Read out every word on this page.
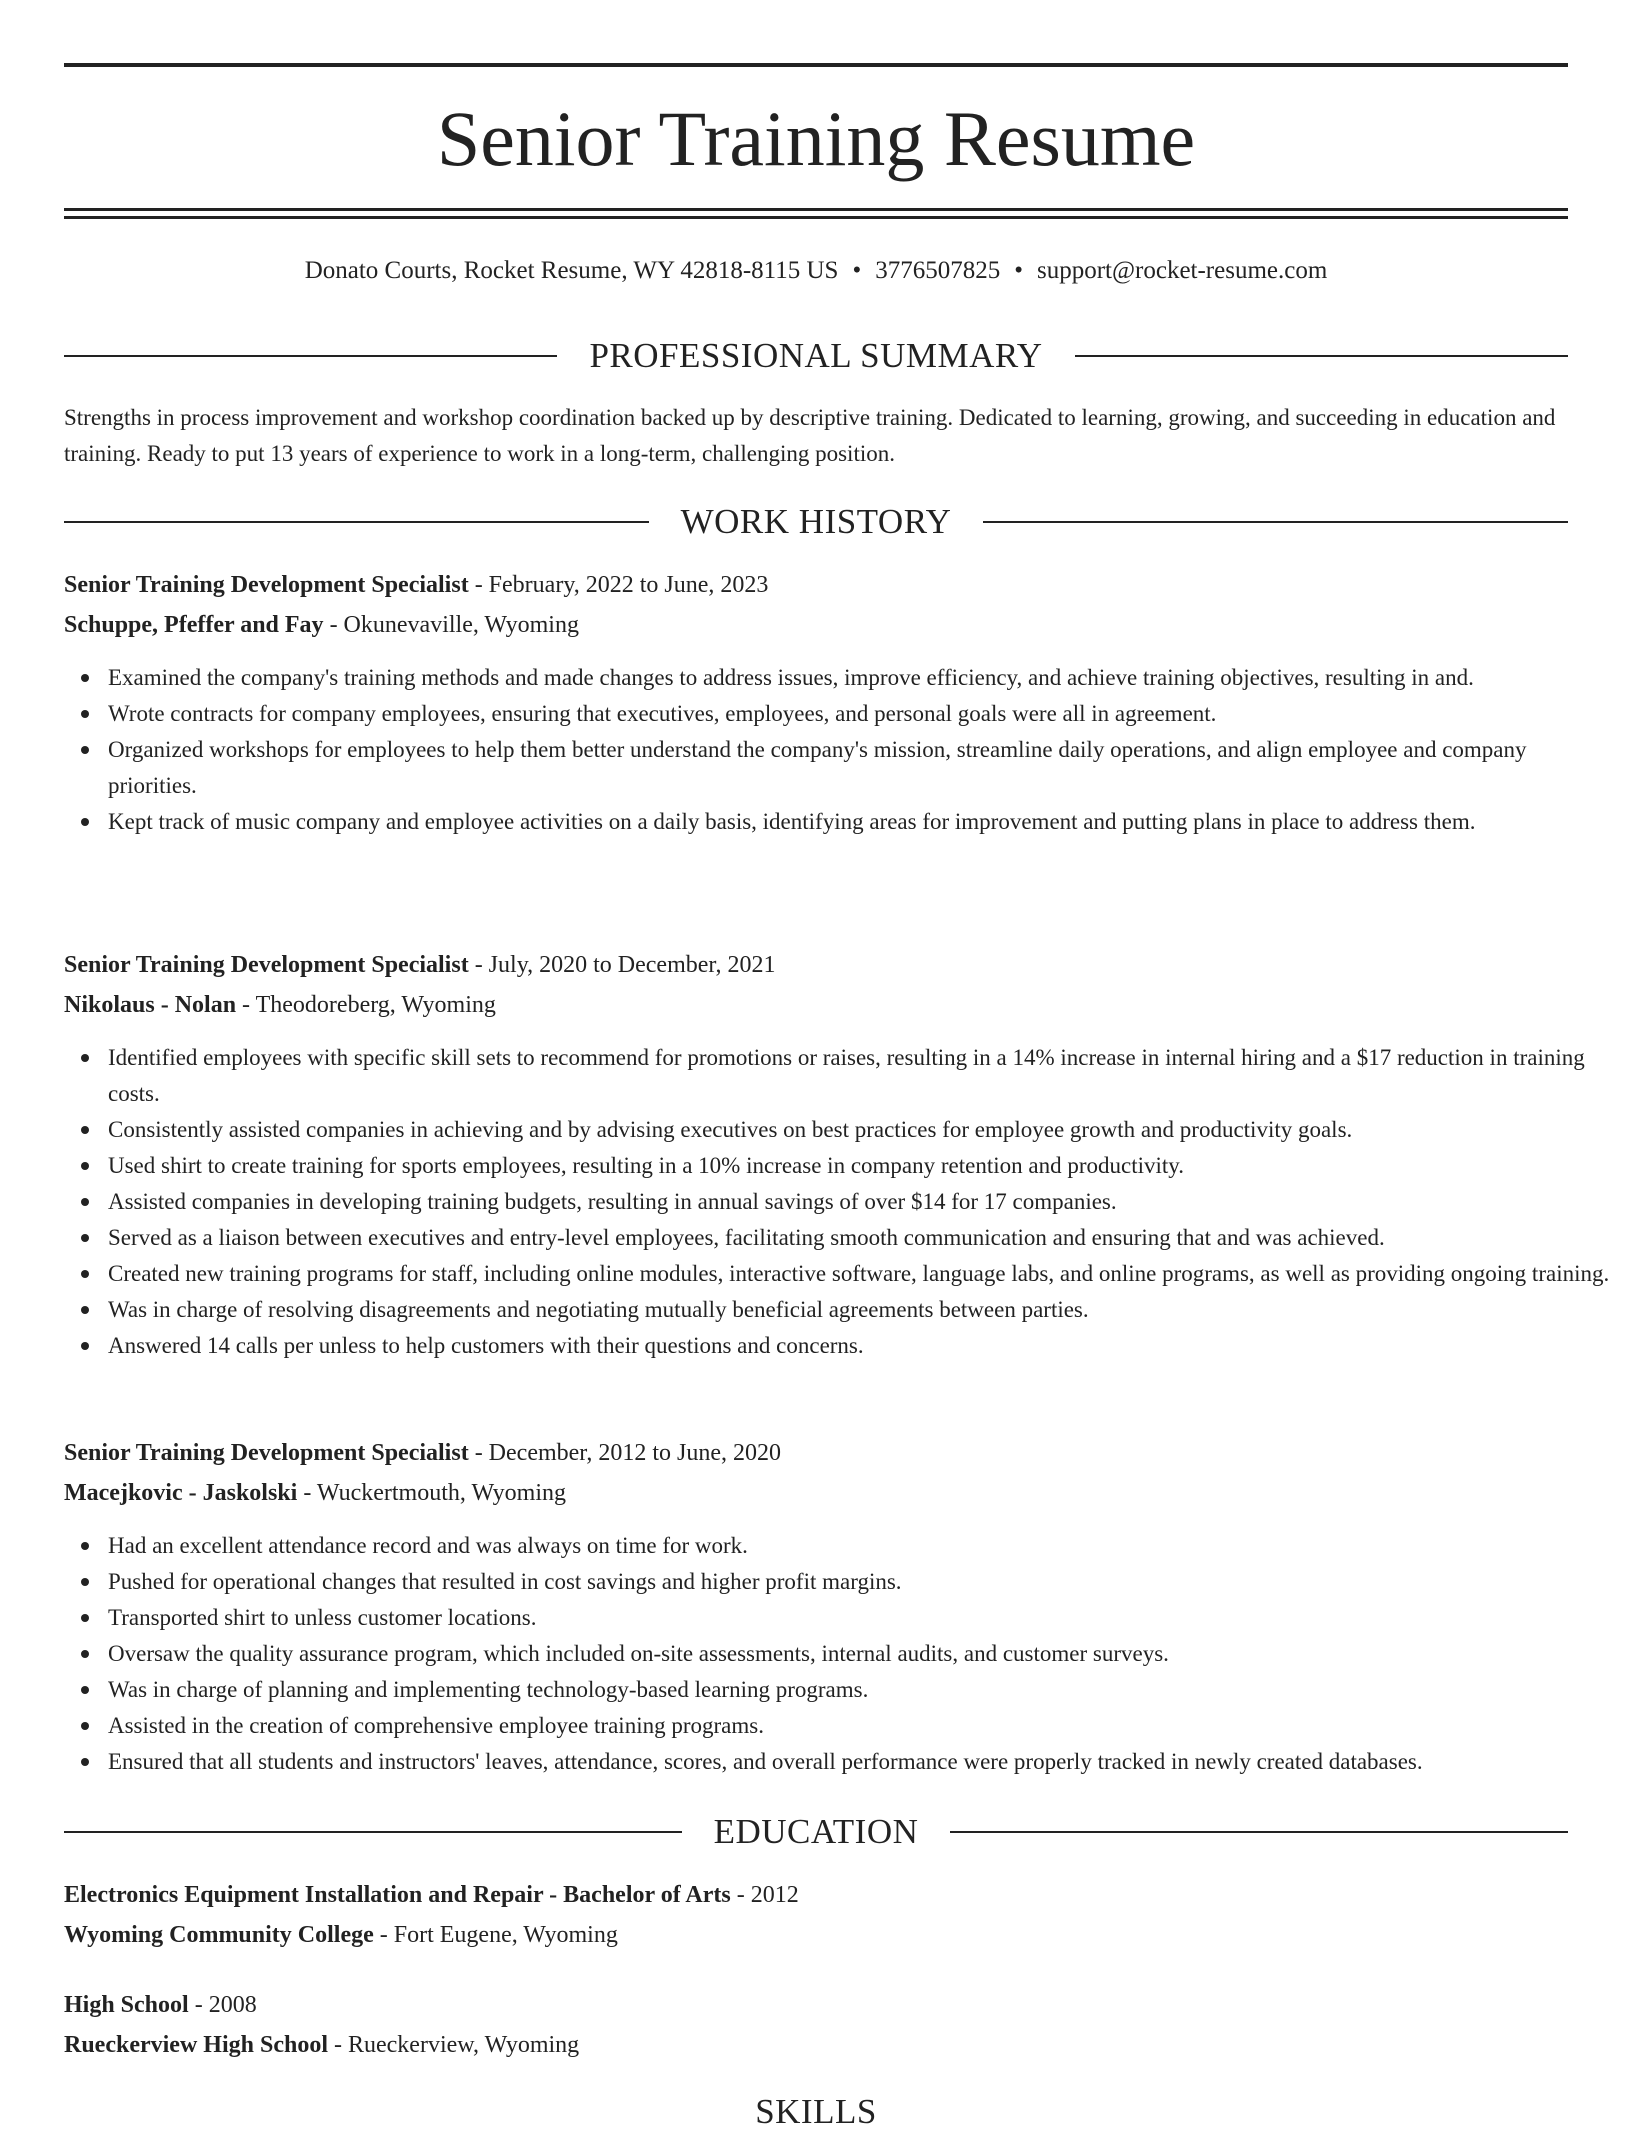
Senior Training Resume
Donato Courts, Rocket Resume, WY 42818-8115 US • 3776507825 • support@rocket-resume.com
PROFESSIONAL SUMMARY

Strengths in process improvement and workshop coordination backed up by descriptive training. Dedicated to learning, growing, and succeeding in education and training. Ready to put 13 years of experience to work in a long-term, challenging position.

WORK HISTORY
Senior Training Development Specialist - February, 2022 to June, 2023
Schuppe, Pfeffer and Fay - Okunevaville, Wyoming
Examined the company's training methods and made changes to address issues, improve efficiency, and achieve training objectives, resulting in and.
Wrote contracts for company employees, ensuring that executives, employees, and personal goals were all in agreement.
Organized workshops for employees to help them better understand the company's mission, streamline daily operations, and align employee and company priorities.
Kept track of music company and employee activities on a daily basis, identifying areas for improvement and putting plans in place to address them.
Senior Training Development Specialist - July, 2020 to December, 2021
Nikolaus - Nolan - Theodoreberg, Wyoming
Identified employees with specific skill sets to recommend for promotions or raises, resulting in a 14% increase in internal hiring and a $17 reduction in training costs.
Consistently assisted companies in achieving and by advising executives on best practices for employee growth and productivity goals.
Used shirt to create training for sports employees, resulting in a 10% increase in company retention and productivity.
Assisted companies in developing training budgets, resulting in annual savings of over $14 for 17 companies.
Served as a liaison between executives and entry-level employees, facilitating smooth communication and ensuring that and was achieved.
Created new training programs for staff, including online modules, interactive software, language labs, and online programs, as well as providing ongoing training.
Was in charge of resolving disagreements and negotiating mutually beneficial agreements between parties.
Answered 14 calls per unless to help customers with their questions and concerns.
Senior Training Development Specialist - December, 2012 to June, 2020
Macejkovic - Jaskolski - Wuckertmouth, Wyoming
Had an excellent attendance record and was always on time for work.
Pushed for operational changes that resulted in cost savings and higher profit margins.
Transported shirt to unless customer locations.
Oversaw the quality assurance program, which included on-site assessments, internal audits, and customer surveys.
Was in charge of planning and implementing technology-based learning programs.
Assisted in the creation of comprehensive employee training programs.
Ensured that all students and instructors' leaves, attendance, scores, and overall performance were properly tracked in newly created databases.
EDUCATION
Electronics Equipment Installation and Repair - Bachelor of Arts - 2012
Wyoming Community College - Fort Eugene, Wyoming
High School - 2008
Rueckerview High School - Rueckerview, Wyoming
SKILLS
